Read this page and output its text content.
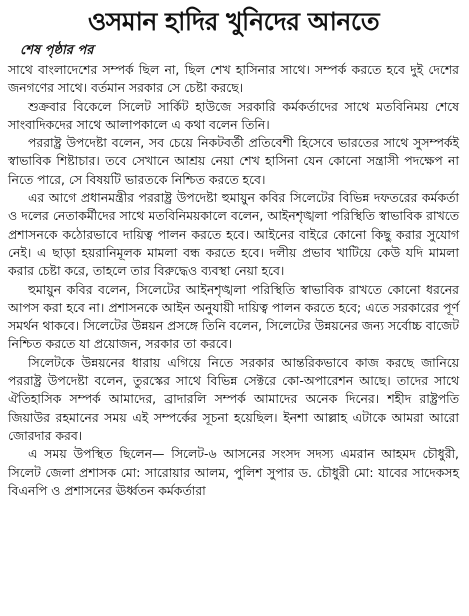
ওসমান হাদির খুনিদের আনতে
শেষ পৃষ্ঠার পর

সাথে বাংলাদেশের সম্পর্ক ছিল না, ছিল শেখ হাসিনার সাথে। সম্পর্ক করতে হবে দুই দেশের জনগণের সাথে। বর্তমান সরকার সে চেষ্টা করছে।

শুক্রবার বিকেলে সিলেট সার্কিট হাউজে সরকারি কর্মকর্তাদের সাথে মতবিনিময় শেষে সাংবাদিকদের সাথে আলাপকালে এ কথা বলেন তিনি।

পররাষ্ট্র উপদেষ্টা বলেন, সব চেয়ে নিকটবর্তী প্রতিবেশী হিসেবে ভারতের সাথে সুসম্পর্কই স্বাভাবিক শিষ্টাচার। তবে সেখানে আশ্রয় নেয়া শেখ হাসিনা যেন কোনো সন্ত্রাসী পদক্ষেপ না নিতে পারে, সে বিষয়টি ভারতকে নিশ্চিত করতে হবে।

এর আগে প্রধানমন্ত্রীর পররাষ্ট্র উপদেষ্টা হুমায়ুন কবির সিলেটের বিভিন্ন দফতরের কর্মকর্তা ও দলের নেতাকর্মীদের সাথে মতবিনিময়কালে বলেন, আইনশৃঙ্খলা পরিস্থিতি স্বাভাবিক রাখতে প্রশাসনকে কঠোরভাবে দায়িত্ব পালন করতে হবে। আইনের বাইরে কোনো কিছু করার সুযোগ নেই। এ ছাড়া হয়রানিমূলক মামলা বন্ধ করতে হবে। দলীয় প্রভাব খাটিয়ে কেউ যদি মামলা করার চেষ্টা করে, তাহলে তার বিরুদ্ধেও ব্যবস্থা নেয়া হবে।

হুমায়ুন কবির বলেন, সিলেটের আইনশৃঙ্খলা পরিস্থিতি স্বাভাবিক রাখতে কোনো ধরনের আপস করা হবে না। প্রশাসনকে আইন অনুযায়ী দায়িত্ব পালন করতে হবে; এতে সরকারের পূর্ণ সমর্থন থাকবে। সিলেটের উন্নয়ন প্রসঙ্গে তিনি বলেন, সিলেটের উন্নয়নের জন্য সর্বোচ্চ বাজেট নিশ্চিত করতে যা প্রয়োজন, সরকার তা করবে।

সিলেটকে উন্নয়নের ধারায় এগিয়ে নিতে সরকার আন্তরিকভাবে কাজ করছে জানিয়ে পররাষ্ট্র উপদেষ্টা বলেন, তুরস্কের সাথে বিভিন্ন সেক্টরে কো-অপারেশন আছে। তাদের সাথে ঐতিহাসিক সম্পর্ক আমাদের, ব্রাদারলি সম্পর্ক আমাদের অনেক দিনের। শহীদ রাষ্ট্রপতি জিয়াউর রহমানের সময় এই সম্পর্কের সূচনা হয়েছিল। ইনশা আল্লাহ এটাকে আমরা আরো জোরদার করব।

এ সময় উপস্থিত ছিলেন— সিলেট-৬ আসনের সংসদ সদস্য এমরান আহমদ চৌধুরী, সিলেট জেলা প্রশাসক মো: সারোয়ার আলম, পুলিশ সুপার ড. চৌধুরী মো: যাবের সাদেকসহ বিএনপি ও প্রশাসনের ঊর্ধ্বতন কর্মকর্তারা
